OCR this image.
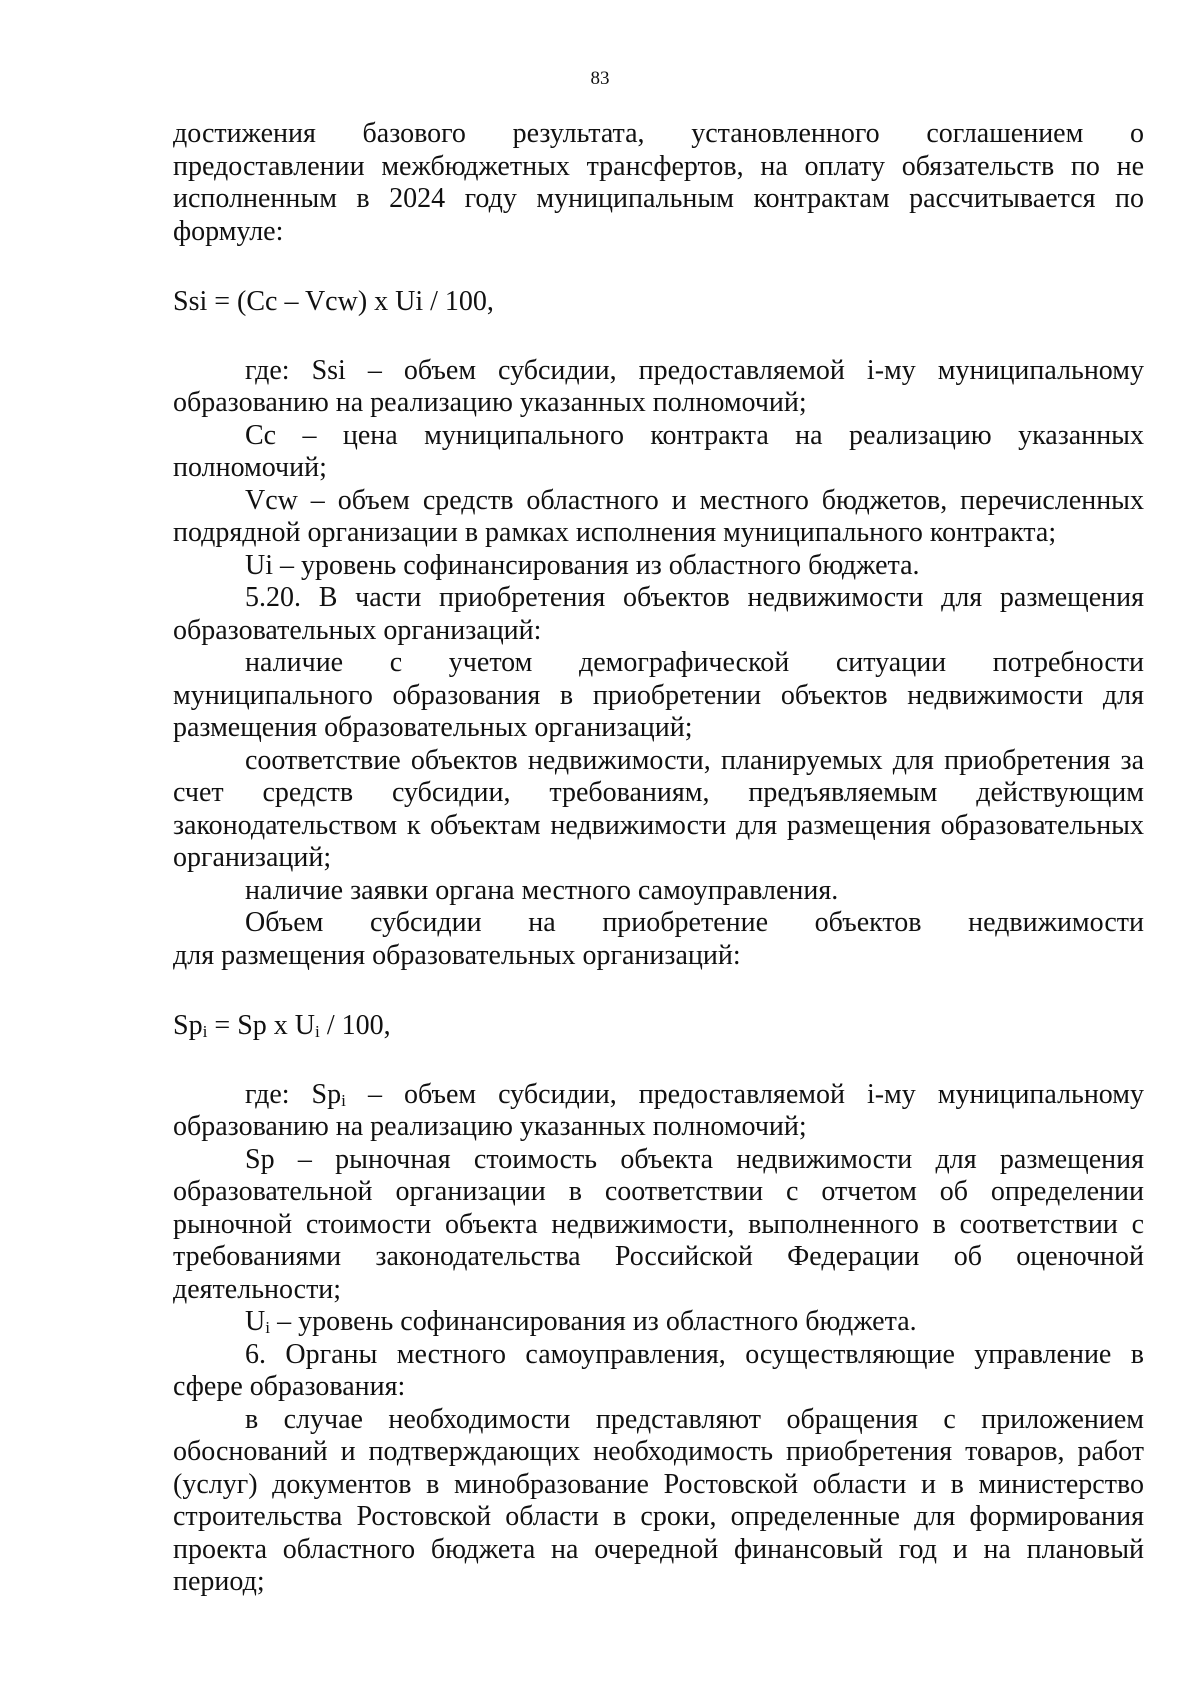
83

достижения базового результата, установленного соглашением о предоставлении межбюджетных трансфертов, на оплату обязательств по не исполненным в 2024 году муниципальным контрактам рассчитывается по формуле:

Ssi = (Cc – Vcw) x Ui / 100,

где: Ssi – объем субсидии, предоставляемой i-му муниципальному образованию на реализацию указанных полномочий;

Cc – цена муниципального контракта на реализацию указанных полномочий;

Vcw – объем средств областного и местного бюджетов, перечисленных подрядной организации в рамках исполнения муниципального контракта;

Ui – уровень софинансирования из областного бюджета.

5.20. В части приобретения объектов недвижимости для размещения образовательных организаций:

наличие с учетом демографической ситуации потребности муниципального образования в приобретении объектов недвижимости для размещения образовательных организаций;

соответствие объектов недвижимости, планируемых для приобретения за счет средств субсидии, требованиям, предъявляемым действующим законодательством к объектам недвижимости для размещения образовательных организаций;

наличие заявки органа местного самоуправления.

Объем субсидии на приобретение объектов недвижимости
для размещения образовательных организаций:

$Sp_i = Sp$ x $U_i / 100$,

где: $Sp_i$ – объем субсидии, предоставляемой i-му муниципальному образованию на реализацию указанных полномочий;

Sp – рыночная стоимость объекта недвижимости для размещения образовательной организации в соответствии с отчетом об определении рыночной стоимости объекта недвижимости, выполненного в соответствии с требованиями законодательства Российской Федерации об оценочной деятельности;

$U_i$ – уровень софинансирования из областного бюджета.

6. Органы местного самоуправления, осуществляющие управление в сфере образования:

в случае необходимости представляют обращения с приложением обоснований и подтверждающих необходимость приобретения товаров, работ (услуг) документов в минобразование Ростовской области и в министерство строительства Ростовской области в сроки, определенные для формирования проекта областного бюджета на очередной финансовый год и на плановый период;
